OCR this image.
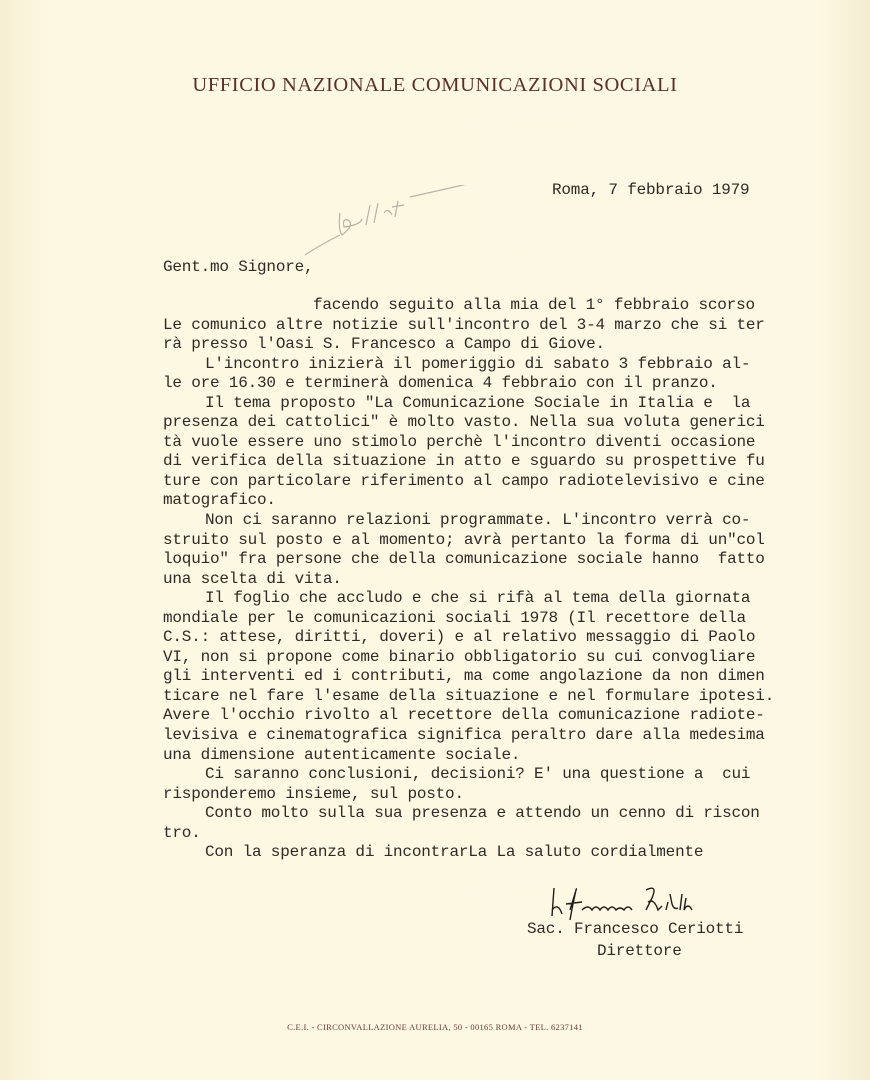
UFFICIO NAZIONALE COMUNICAZIONI SOCIALI
Roma, 7 febbraio 1979
Gent.mo Signore,
facendo seguito alla mia del 1° febbraio scorso
Le comunico altre notizie sull'incontro del 3-4 marzo che si ter
rà presso l'Oasi S. Francesco a Campo di Giove.
L'incontro inizierà il pomeriggio di sabato 3 febbraio al-
le ore 16.30 e terminerà domenica 4 febbraio con il pranzo.
Il tema proposto "La Comunicazione Sociale in Italia e  la
presenza dei cattolici" è molto vasto. Nella sua voluta generici
tà vuole essere uno stimolo perchè l'incontro diventi occasione
di verifica della situazione in atto e sguardo su prospettive fu
ture con particolare riferimento al campo radiotelevisivo e cine
matografico.
Non ci saranno relazioni programmate. L'incontro verrà co-
struito sul posto e al momento; avrà pertanto la forma di un"col
loquio" fra persone che della comunicazione sociale hanno  fatto
una scelta di vita.
Il foglio che accludo e che si rifà al tema della giornata
mondiale per le comunicazioni sociali 1978 (Il recettore della
C.S.: attese, diritti, doveri) e al relativo messaggio di Paolo
VI, non si propone come binario obbligatorio su cui convogliare
gli interventi ed i contributi, ma come angolazione da non dimen
ticare nel fare l'esame della situazione e nel formulare ipotesi.
Avere l'occhio rivolto al recettore della comunicazione radiote-
levisiva e cinematografica significa peraltro dare alla medesima
una dimensione autenticamente sociale.
Ci saranno conclusioni, decisioni? E' una questione a  cui
risponderemo insieme, sul posto.
Conto molto sulla sua presenza e attendo un cenno di riscon
tro.
Con la speranza di incontrarLa La saluto cordialmente
Sac. Francesco Ceriotti
Direttore
C.E.I. - CIRCONVALLAZIONE AURELIA, 50 - 00165 ROMA - TEL. 6237141
